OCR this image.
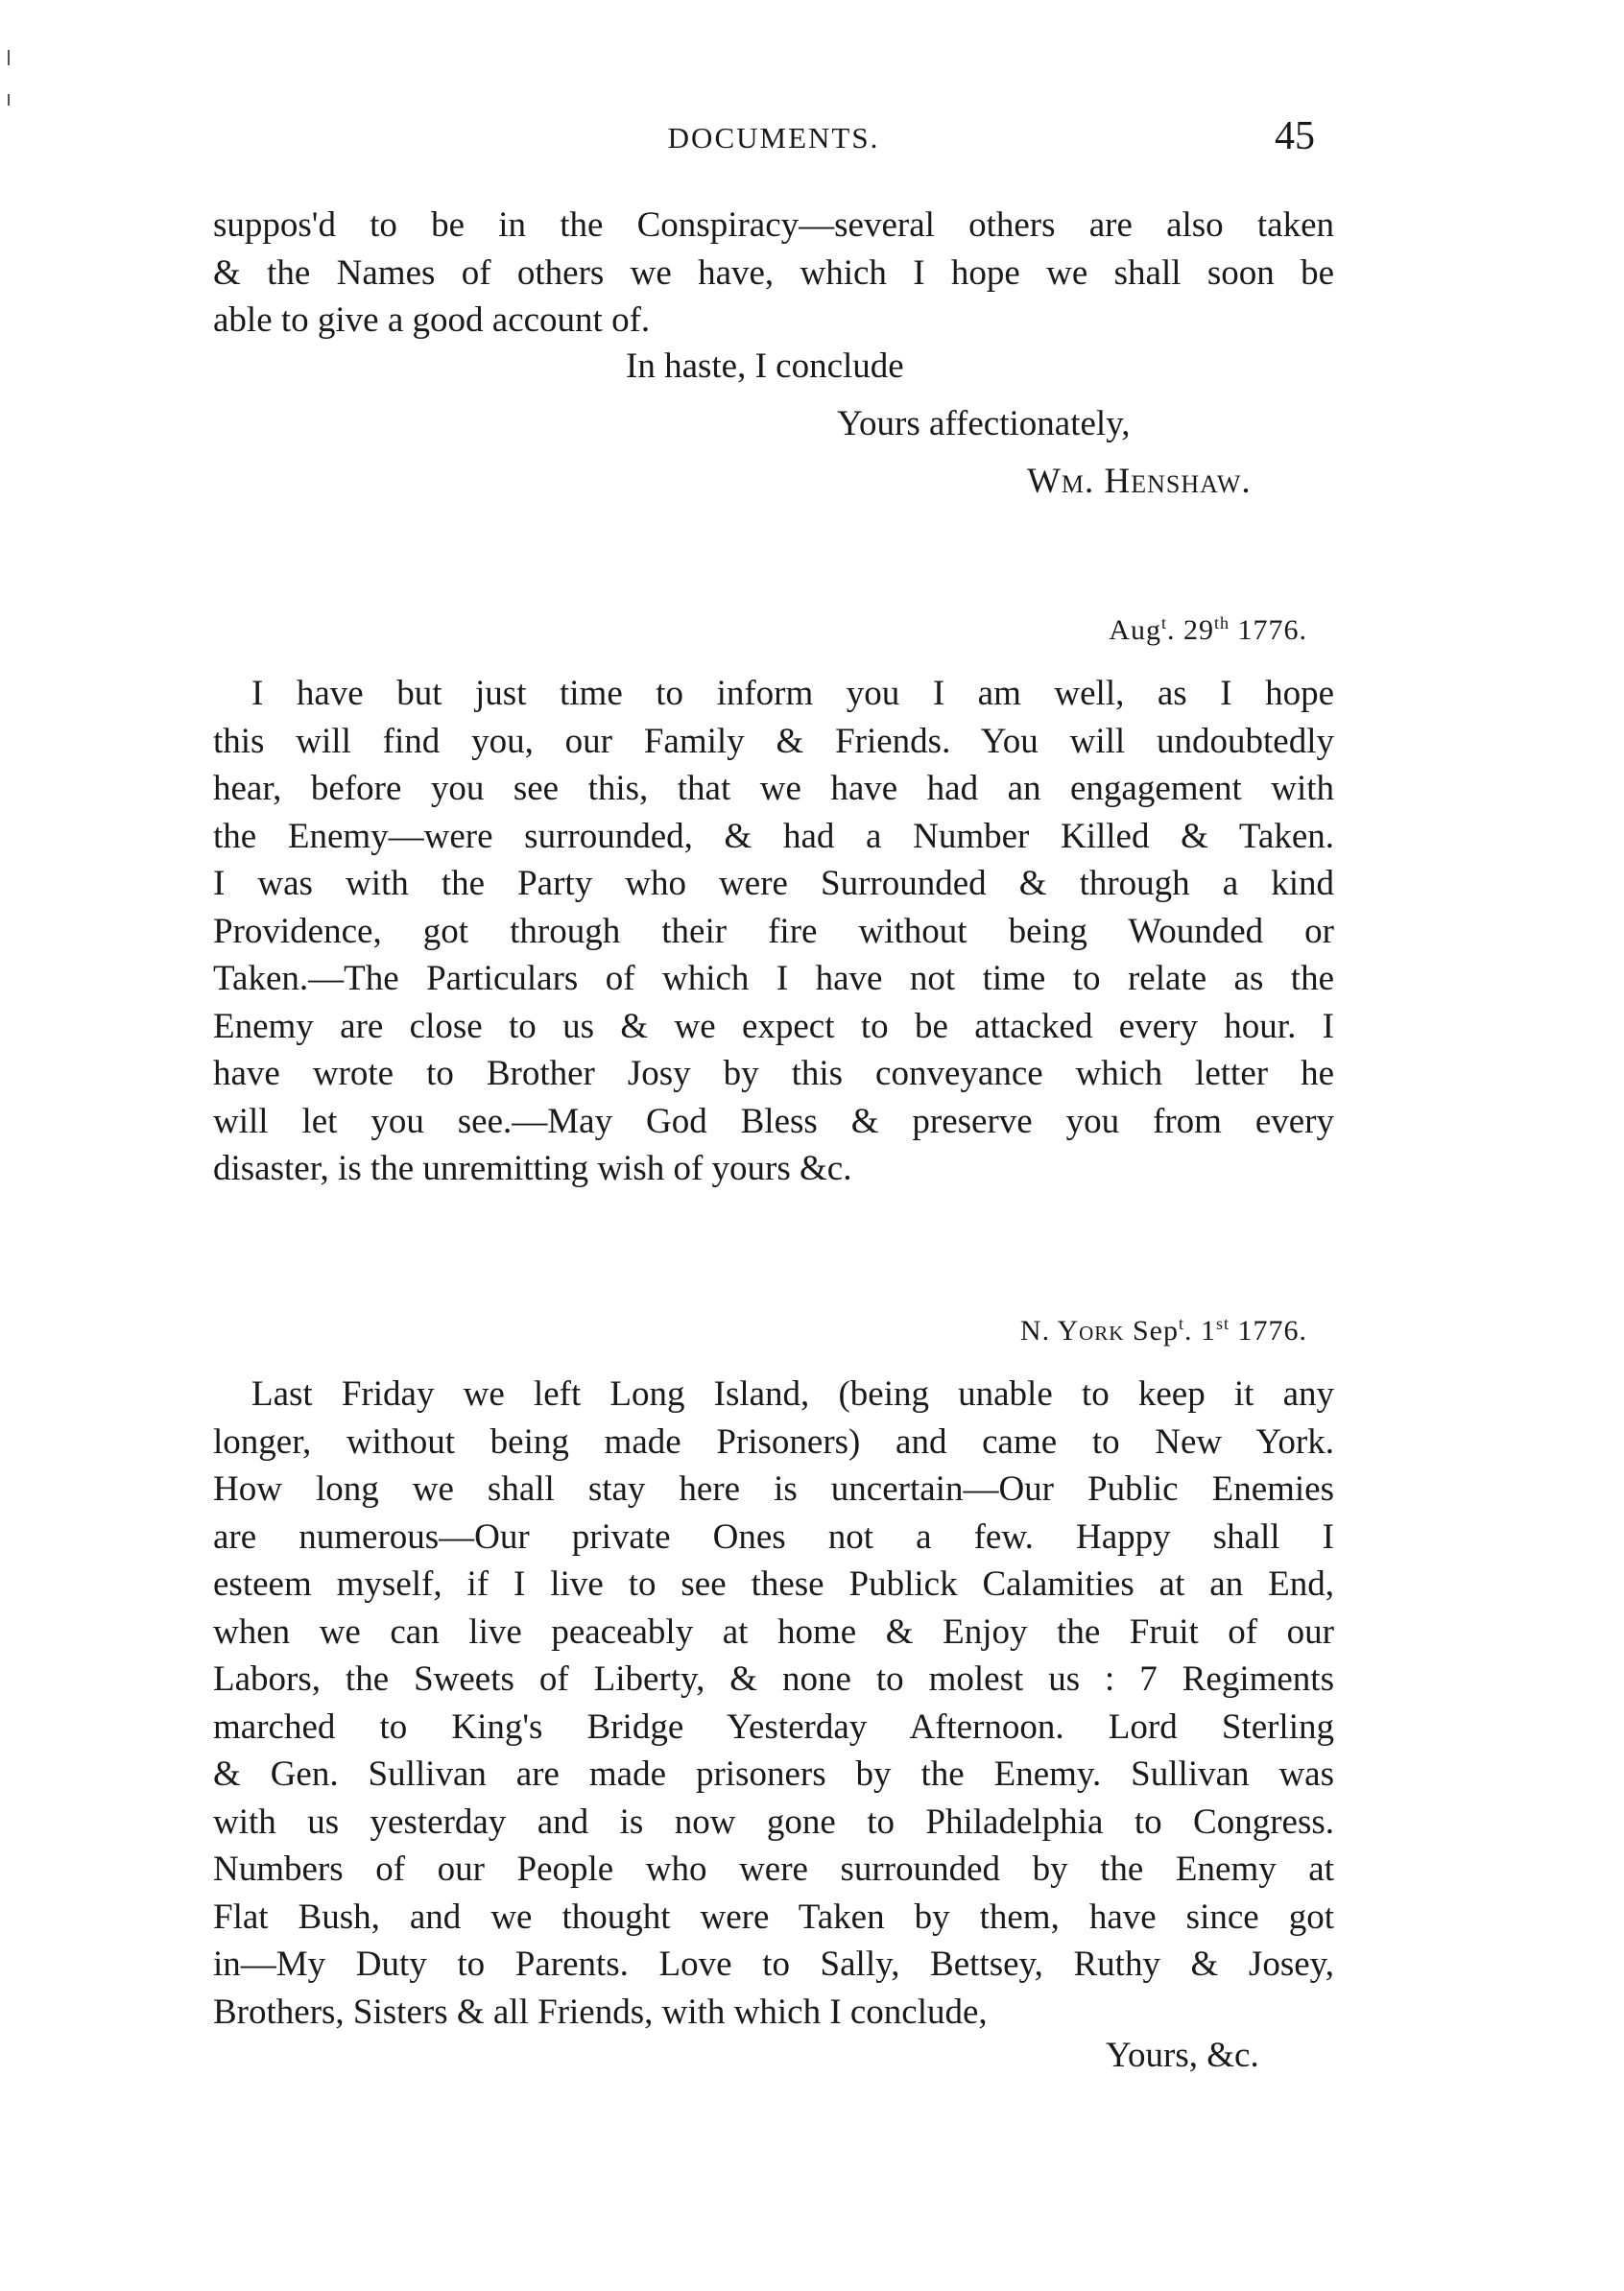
DOCUMENTS.	45
suppos'd to be in the Conspiracy—several others are also taken
& the Names of others we have, which I hope we shall soon be
able to give a good account of.
In haste, I conclude
Yours affectionately,
Wm. Henshaw.
Aug$^t$. 29th 1776.
I have but just time to inform you I am well, as I hope
this will find you, our Family & Friends. You will undoubtedly
hear, before you see this, that we have had an engagement with
the Enemy—were surrounded, & had a Number Killed & Taken.
I was with the Party who were Surrounded & through a kind
Providence, got through their fire without being Wounded or
Taken.—The Particulars of which I have not time to relate as the
Enemy are close to us & we expect to be attacked every hour. I
have wrote to Brother Josy by this conveyance which letter he
will let you see.—May God Bless & preserve you from every
disaster, is the unremitting wish of yours &c.
N. York Sep$^t$. 1st 1776.
Last Friday we left Long Island, (being unable to keep it any
longer, without being made Prisoners) and came to New York.
How long we shall stay here is uncertain—Our Public Enemies
are numerous—Our private Ones not a few. Happy shall I
esteem myself, if I live to see these Publick Calamities at an End,
when we can live peaceably at home & Enjoy the Fruit of our
Labors, the Sweets of Liberty, & none to molest us : 7 Regiments
marched to King's Bridge Yesterday Afternoon. Lord Sterling
& Gen. Sullivan are made prisoners by the Enemy. Sullivan was
with us yesterday and is now gone to Philadelphia to Congress.
Numbers of our People who were surrounded by the Enemy at
Flat Bush, and we thought were Taken by them, have since got
in—My Duty to Parents. Love to Sally, Bettsey, Ruthy & Josey,
Brothers, Sisters & all Friends, with which I conclude,
Yours, &c.
